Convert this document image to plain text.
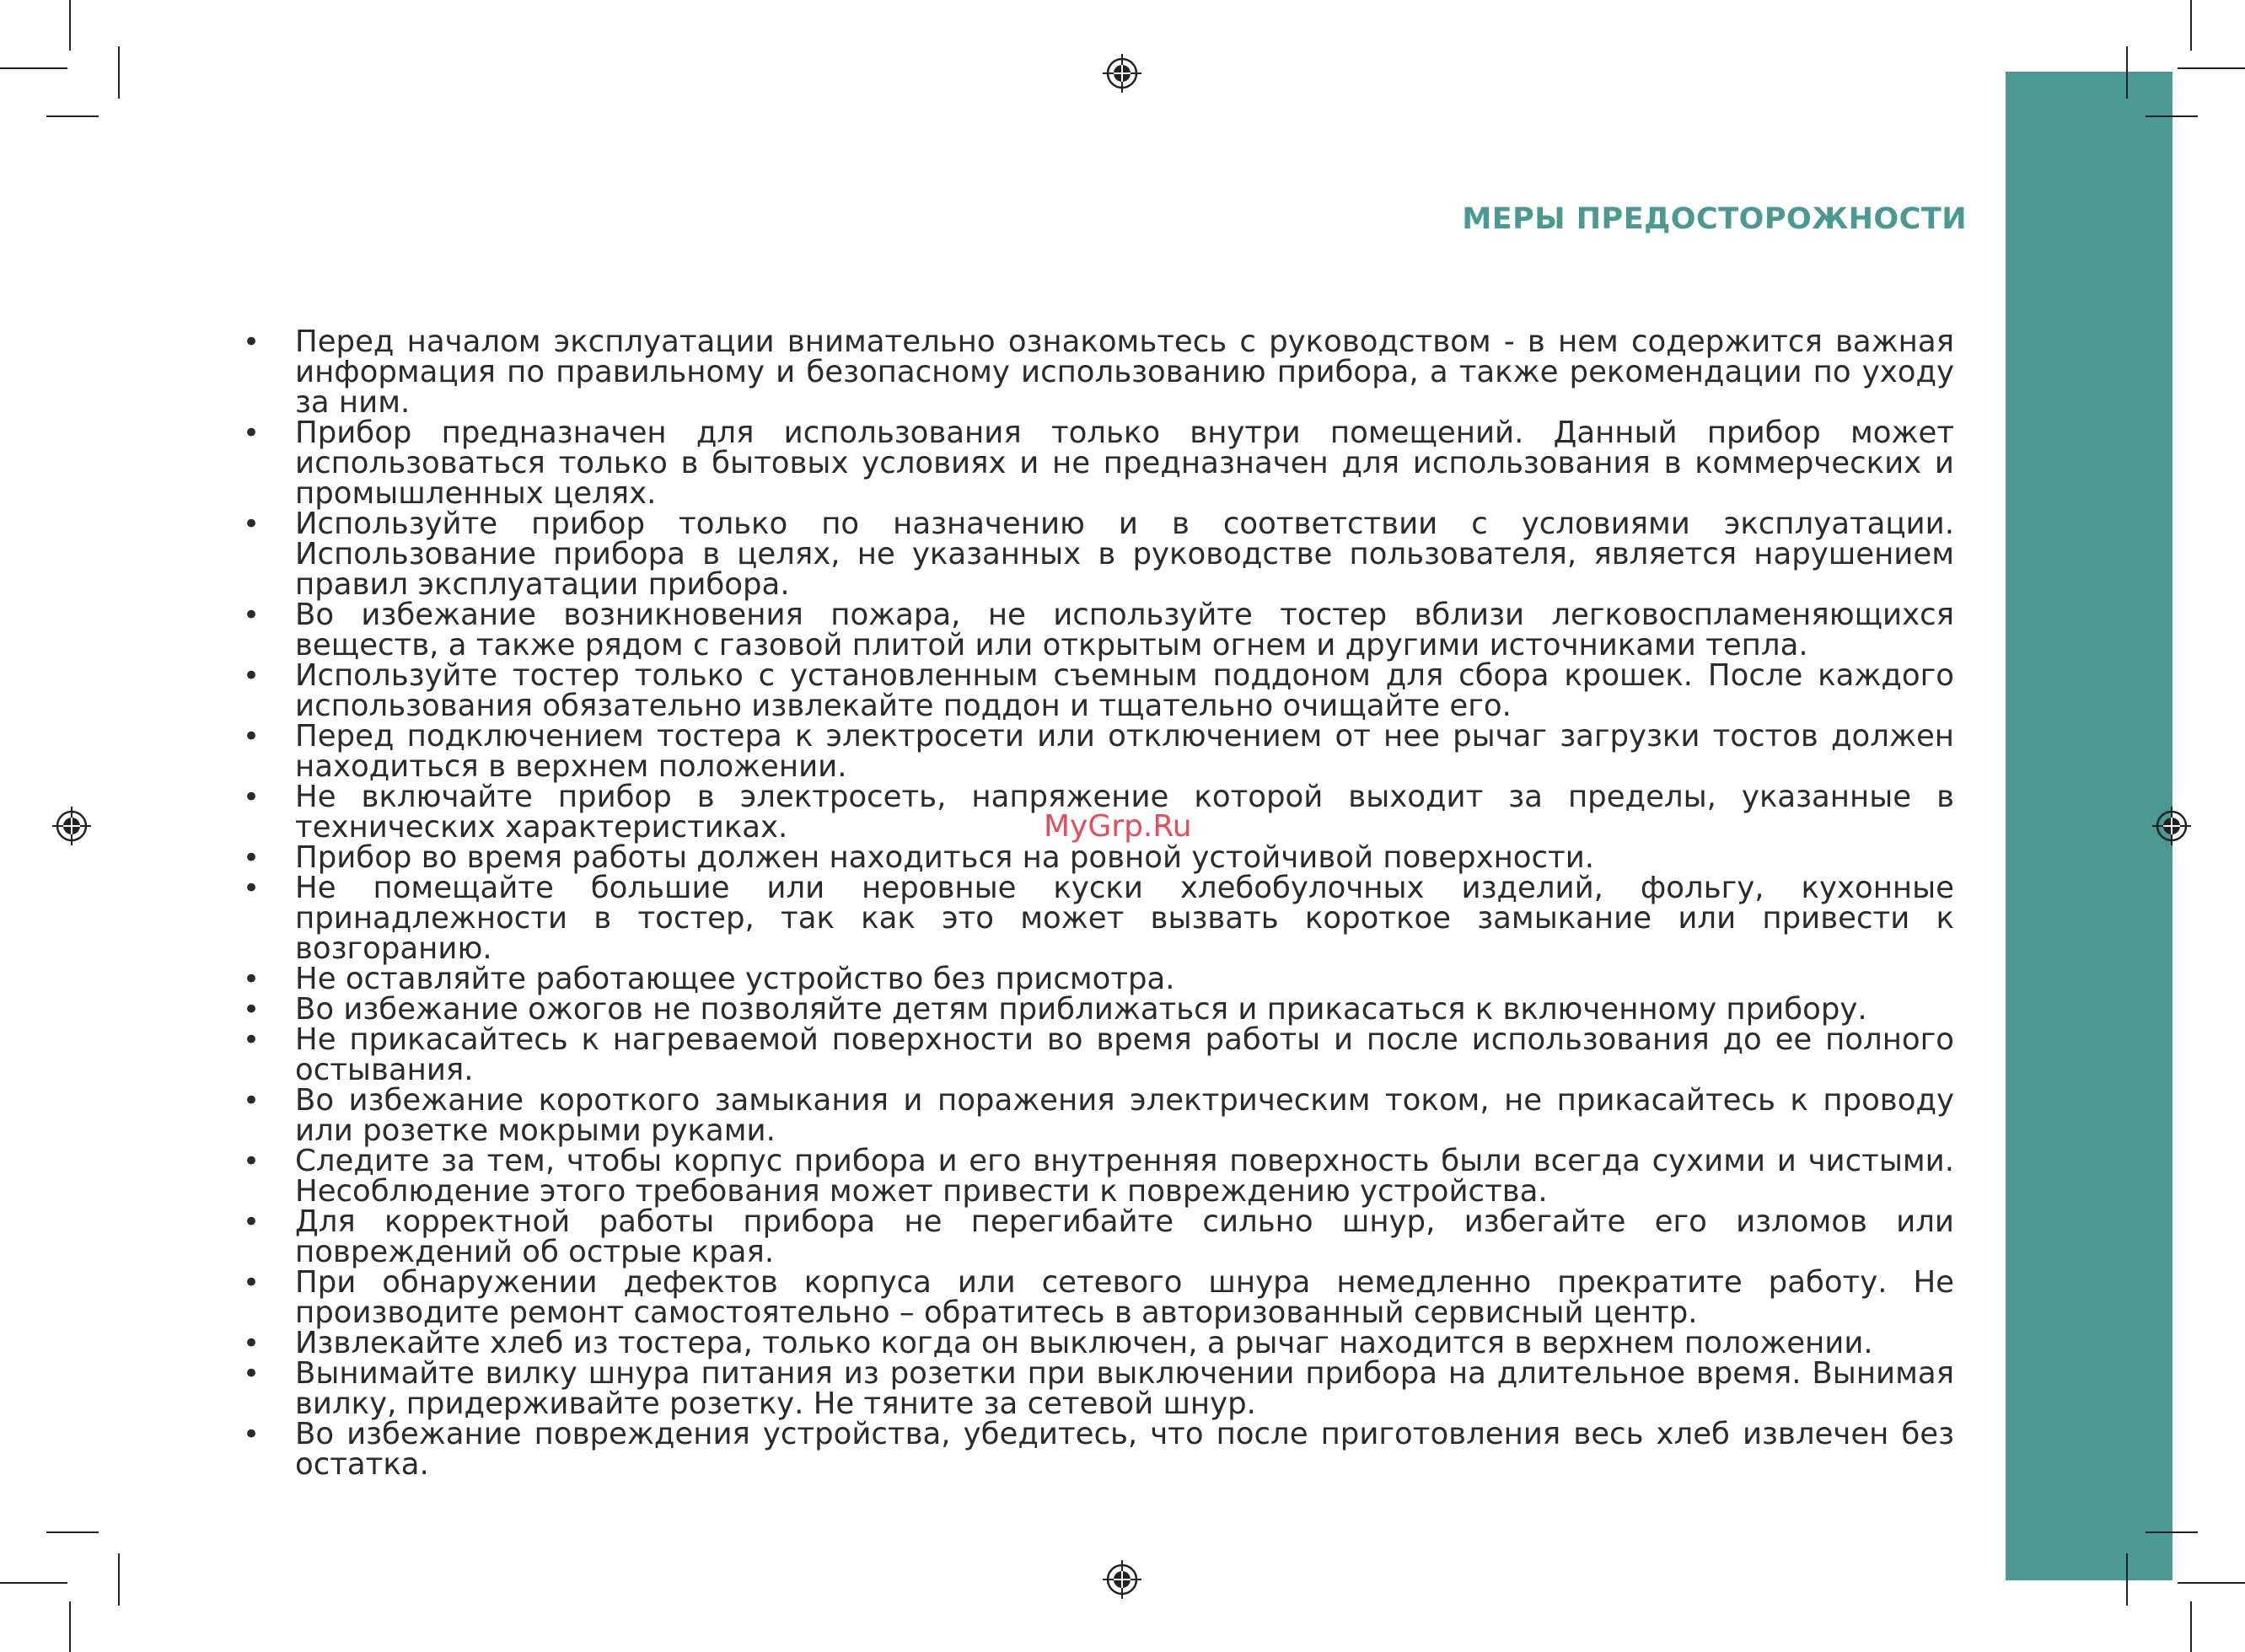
МЕРЫ ПРЕДОСТОРОЖНОСТИ
• Перед началом эксплуатации внимательно ознакомьтесь с руководством - в нем содержится важная информация по правильному и безопасному использованию прибора, а также рекомендации по уходу за ним.
• Прибор предназначен для использования только внутри помещений. Данный прибор может использоваться только в бытовых условиях и не предназначен для использования в коммерческих и промышленных целях.
• Используйте прибор только по назначению и в соответствии с условиями эксплуатации. Использование прибора в целях, не указанных в руководстве пользователя, является нарушением правил эксплуатации прибора.
• Во избежание возникновения пожара, не используйте тостер вблизи легковоспламеняющихся веществ, а также рядом с газовой плитой или открытым огнем и другими источниками тепла.
• Используйте тостер только с установленным съемным поддоном для сбора крошек. После каждого использования обязательно извлекайте поддон и тщательно очищайте его.
• Перед подключением тостера к электросети или отключением от нее рычаг загрузки тостов должен находиться в верхнем положении.
• Не включайте прибор в электросеть, напряжение которой выходит за пределы, указанные в технических характеристиках.
• Прибор во время работы должен находиться на ровной устойчивой поверхности.
• Не помещайте большие или неровные куски хлебобулочных изделий, фольгу, кухонные принадлежности в тостер, так как это может вызвать короткое замыкание или привести к возгоранию.
• Не оставляйте работающее устройство без присмотра.
• Во избежание ожогов не позволяйте детям приближаться и прикасаться к включенному прибору.
• Не прикасайтесь к нагреваемой поверхности во время работы и после использования до ее полного остывания.
• Во избежание короткого замыкания и поражения электрическим током, не прикасайтесь к проводу или розетке мокрыми руками.
• Следите за тем, чтобы корпус прибора и его внутренняя поверхность были всегда сухими и чистыми. Несоблюдение этого требования может привести к повреждению устройства.
• Для корректной работы прибора не перегибайте сильно шнур, избегайте его изломов или повреждений об острые края.
• При обнаружении дефектов корпуса или сетевого шнура немедленно прекратите работу. Не производите ремонт самостоятельно – обратитесь в авторизованный сервисный центр.
• Извлекайте хлеб из тостера, только когда он выключен, а рычаг находится в верхнем положении.
• Вынимайте вилку шнура питания из розетки при выключении прибора на длительное время. Вынимая вилку, придерживайте розетку. Не тяните за сетевой шнур.
• Во избежание повреждения устройства, убедитесь, что после приготовления весь хлеб извлечен без остатка.
MyGrp.Ru
